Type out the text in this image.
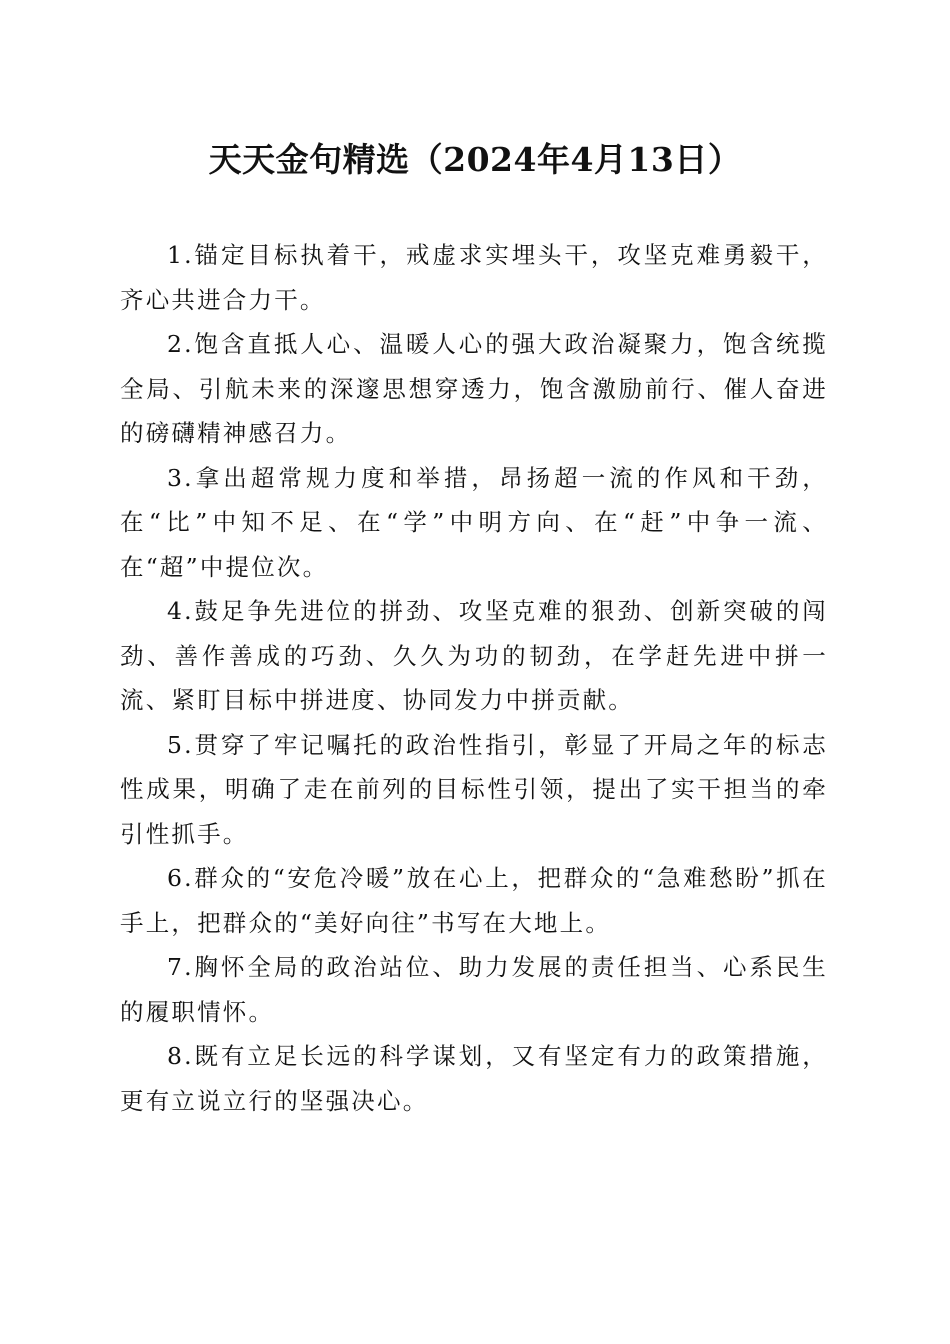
天天金句精选（2024年4月13日）

1.锚定目标执着干，戒虚求实埋头干，攻坚克难勇毅干，齐心共进合力干。

2.饱含直抵人心、温暖人心的强大政治凝聚力，饱含统揽全局、引航未来的深邃思想穿透力，饱含激励前行、催人奋进的磅礴精神感召力。

3.拿出超常规力度和举措，昂扬超一流的作风和干劲，在“比”中知不足、在“学”中明方向、在“赶”中争一流、在“超”中提位次。

4.鼓足争先进位的拼劲、攻坚克难的狠劲、创新突破的闯劲、善作善成的巧劲、久久为功的韧劲，在学赶先进中拼一流、紧盯目标中拼进度、协同发力中拼贡献。

5.贯穿了牢记嘱托的政治性指引，彰显了开局之年的标志性成果，明确了走在前列的目标性引领，提出了实干担当的牵引性抓手。

6.群众的“安危冷暖”放在心上，把群众的“急难愁盼”抓在手上，把群众的“美好向往”书写在大地上。

7.胸怀全局的政治站位、助力发展的责任担当、心系民生的履职情怀。

8.既有立足长远的科学谋划，又有坚定有力的政策措施，更有立说立行的坚强决心。
